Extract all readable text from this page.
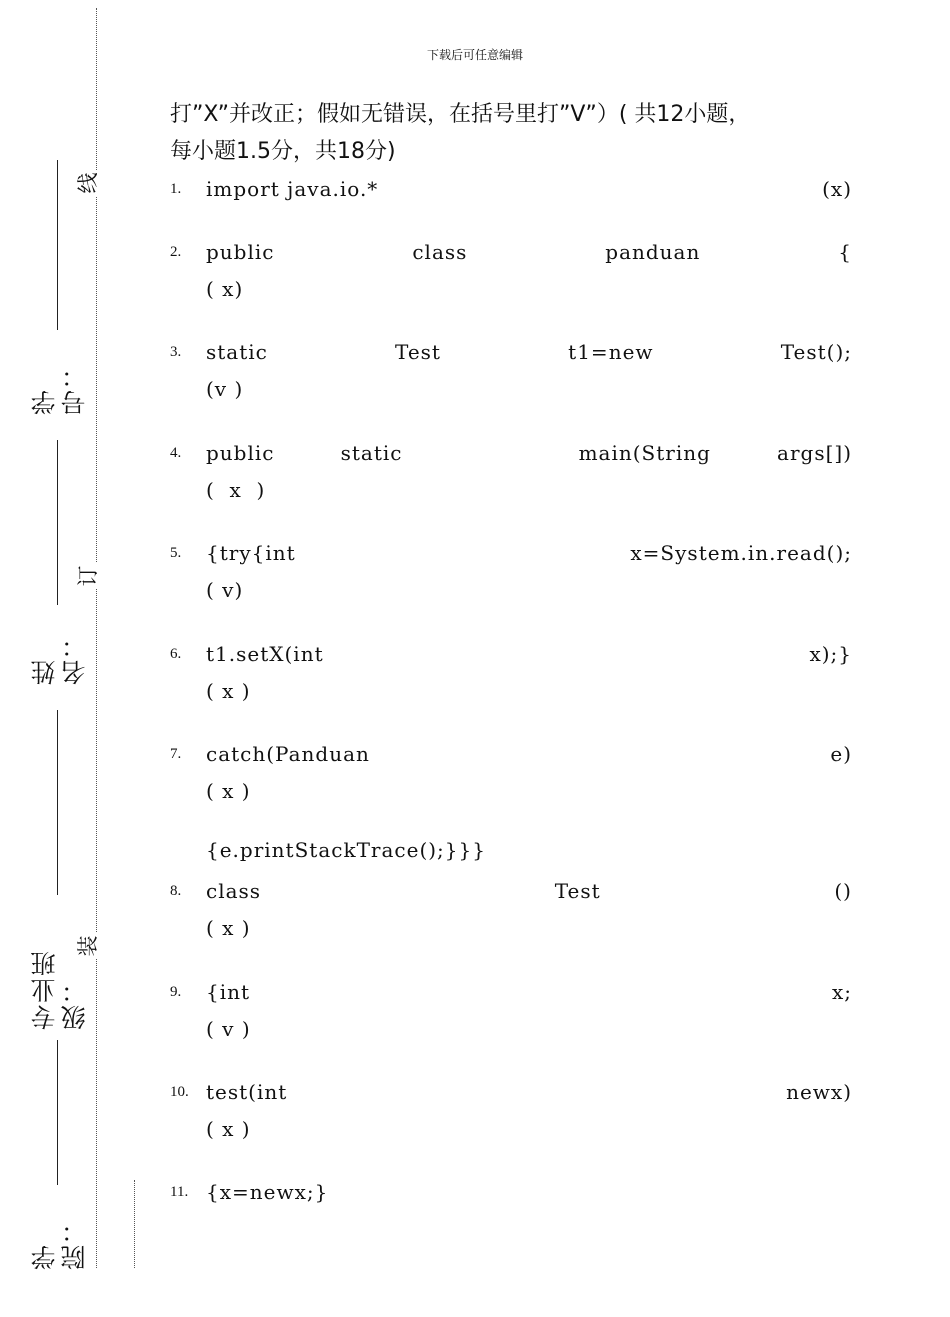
学号：
姓名：
专业班级：
学院：
线
订
装
下载后可任意编辑
打”X”并改正；假如无错误，在括号里打”V”）( 共12小题，
每小题1.5分，共18分)
1. import java.io.*	(x)
2. public	class	panduan	{
( x)
3. static	Test	t1=new	Test();
(v )
4. public	static	main(String	args[])
(  x  )
5. {try{int	x=System.in.read();
( v)
6. t1.setX(int	x);}
( x )
7. catch(Panduan	e)
( x )
{e.printStackTrace();}}}
8. class	Test	()
( x )
9. {int	x;
( v )
10. test(int	newx)
( x )
11. {x=newx;}
